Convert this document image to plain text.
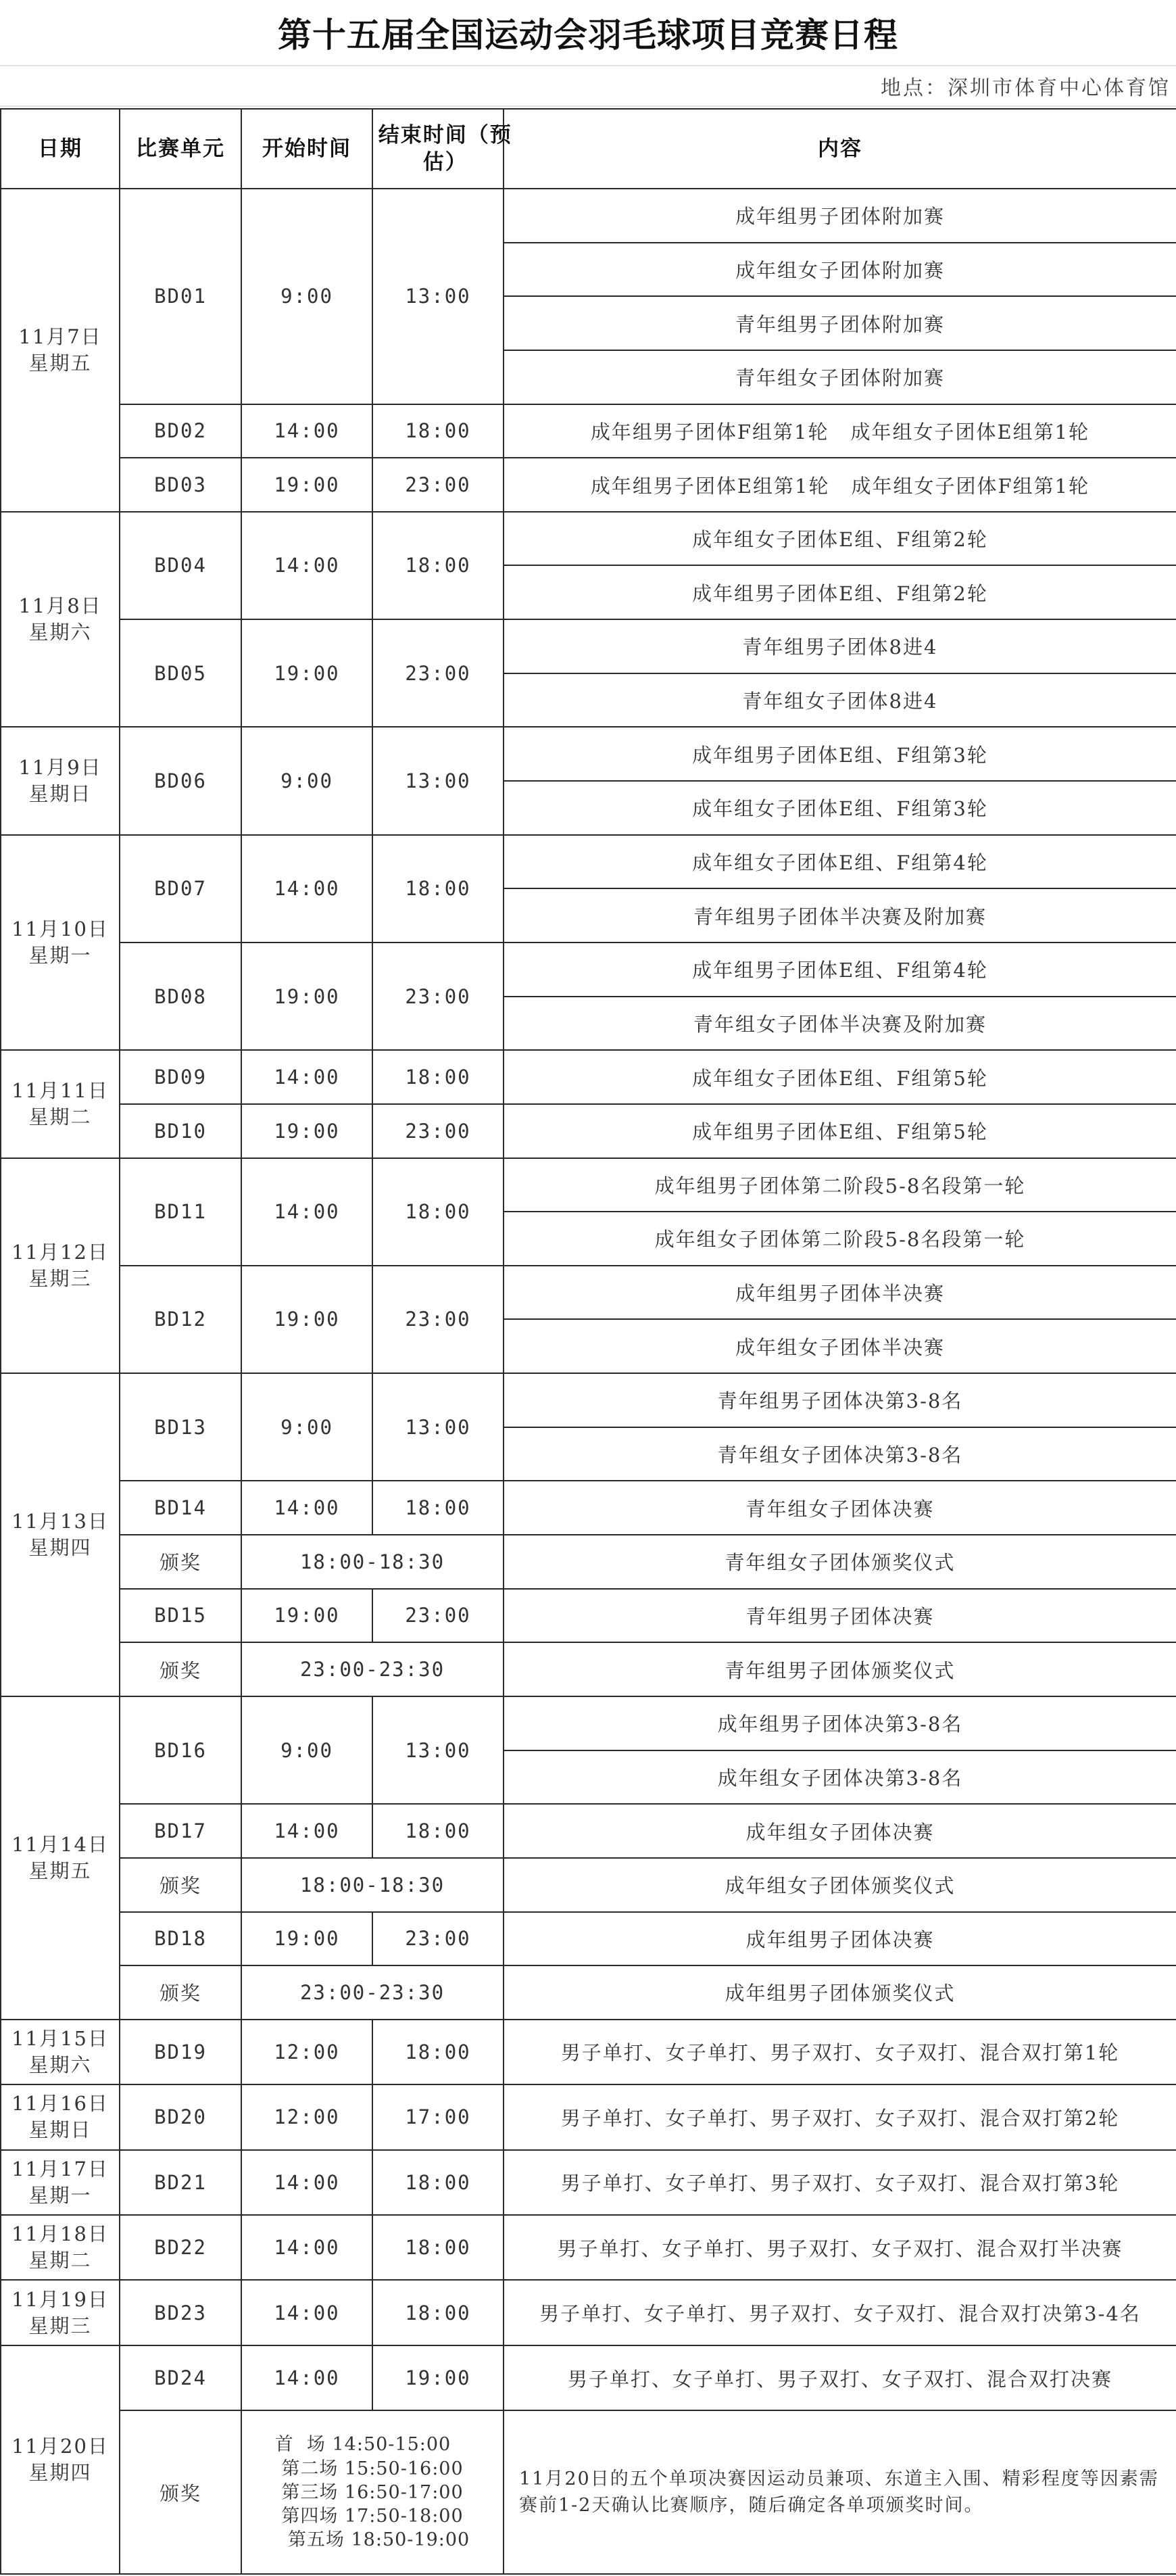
第十五届全国运动会羽毛球项目竞赛日程
地点：深圳市体育中心体育馆
日期	比赛单元	开始时间	结束时间（预估）	内容
11月7日
星期五	BD01	9:00	13:00	成年组男子团体附加赛
				成年组女子团体附加赛
				青年组男子团体附加赛
				青年组女子团体附加赛
	BD02	14:00	18:00	成年组男子团体F组第1轮 成年组女子团体E组第1轮
	BD03	19:00	23:00	成年组男子团体E组第1轮 成年组女子团体F组第1轮
11月8日
星期六	BD04	14:00	18:00	成年组女子团体E组、F组第2轮
				成年组男子团体E组、F组第2轮
	BD05	19:00	23:00	青年组男子团体8进4
				青年组女子团体8进4
11月9日
星期日	BD06	9:00	13:00	成年组男子团体E组、F组第3轮
				成年组女子团体E组、F组第3轮
11月10日
星期一	BD07	14:00	18:00	成年组女子团体E组、F组第4轮
				青年组男子团体半决赛及附加赛
	BD08	19:00	23:00	成年组男子团体E组、F组第4轮
				青年组女子团体半决赛及附加赛
11月11日
星期二	BD09	14:00	18:00	成年组女子团体E组、F组第5轮
	BD10	19:00	23:00	成年组男子团体E组、F组第5轮
11月12日
星期三	BD11	14:00	18:00	成年组男子团体第二阶段5-8名段第一轮
				成年组女子团体第二阶段5-8名段第一轮
	BD12	19:00	23:00	成年组男子团体半决赛
				成年组女子团体半决赛
11月13日
星期四	BD13	9:00	13:00	青年组男子团体决第3-8名
				青年组女子团体决第3-8名
	BD14	14:00	18:00	青年组女子团体决赛
	颁奖	18:00-18:30		青年组女子团体颁奖仪式
	BD15	19:00	23:00	青年组男子团体决赛
	颁奖	23:00-23:30		青年组男子团体颁奖仪式
11月14日
星期五	BD16	9:00	13:00	成年组男子团体决第3-8名
				成年组女子团体决第3-8名
	BD17	14:00	18:00	成年组女子团体决赛
	颁奖	18:00-18:30		成年组女子团体颁奖仪式
	BD18	19:00	23:00	成年组男子团体决赛
	颁奖	23:00-23:30		成年组男子团体颁奖仪式
11月15日
星期六	BD19	12:00	18:00	男子单打、女子单打、男子双打、女子双打、混合双打第1轮
11月16日
星期日	BD20	12:00	17:00	男子单打、女子单打、男子双打、女子双打、混合双打第2轮
11月17日
星期一	BD21	14:00	18:00	男子单打、女子单打、男子双打、女子双打、混合双打第3轮
11月18日
星期二	BD22	14:00	18:00	男子单打、女子单打、男子双打、女子双打、混合双打半决赛
11月19日
星期三	BD23	14:00	18:00	男子单打、女子单打、男子双打、女子双打、混合双打决第3-4名
11月20日
星期四	BD24	14:00	19:00	男子单打、女子单打、男子双打、女子双打、混合双打决赛
	颁奖	首  场 14:50-15:00
第二场 15:50-16:00
第三场 16:50-17:00
第四场 17:50-18:00
第五场 18:50-19:00		11月20日的五个单项决赛因运动员兼项、东道主入围、精彩程度等因素需赛前1-2天确认比赛顺序，随后确定各单项颁奖时间。
